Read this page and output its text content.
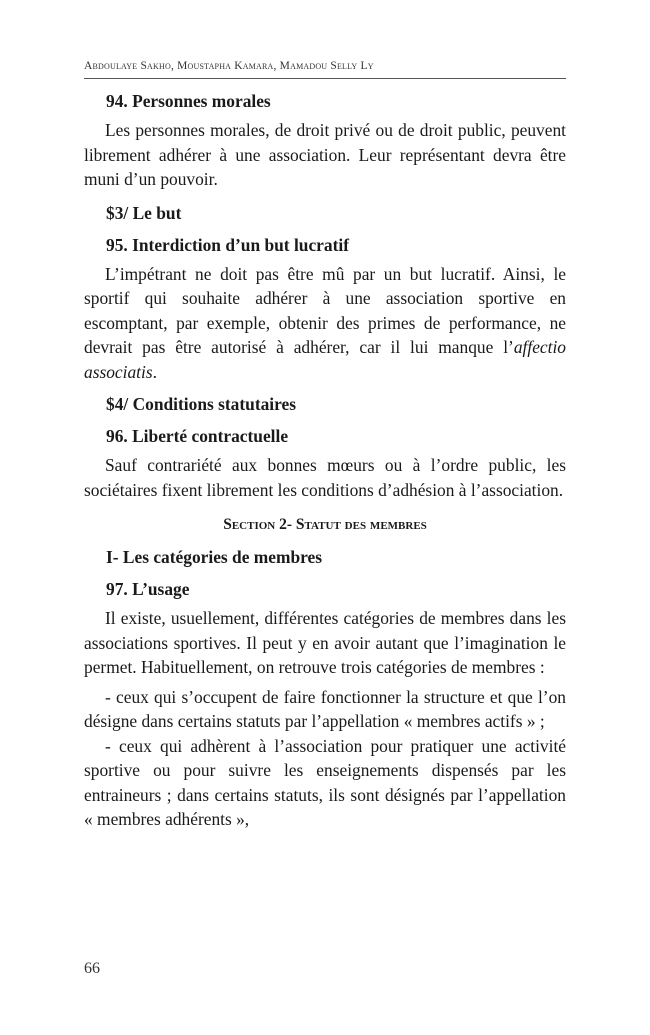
Abdoulaye Sakho, Moustapha Kamara, Mamadou Selly Ly
94. Personnes morales

Les personnes morales, de droit privé ou de droit public, peuvent librement adhérer à une association. Leur représentant devra être muni d’un pouvoir.

$3/ Le but
95. Interdiction d’un but lucratif

L’impétrant ne doit pas être mû par un but lucratif. Ainsi, le sportif qui souhaite adhérer à une association sportive en escomptant, par exemple, obtenir des primes de performance, ne devrait pas être autorisé à adhérer, car il lui manque l’affectio associatis.

$4/ Conditions statutaires
96. Liberté contractuelle

Sauf contrariété aux bonnes mœurs ou à l’ordre public, les sociétaires fixent librement les conditions d’adhésion à l’association.

Section 2- Statut des membres
I- Les catégories de membres
97. L’usage

Il existe, usuellement, différentes catégories de membres dans les associations sportives. Il peut y en avoir autant que l’imagination le permet. Habituellement, on retrouve trois catégories de membres :

- ceux qui s’occupent de faire fonctionner la structure et que l’on désigne dans certains statuts par l’appellation « membres actifs » ;

- ceux qui adhèrent à l’association pour pratiquer une activité sportive ou pour suivre les enseignements dispensés par les entraineurs ; dans certains statuts, ils sont désignés par l’appellation « membres adhérents »,

66
